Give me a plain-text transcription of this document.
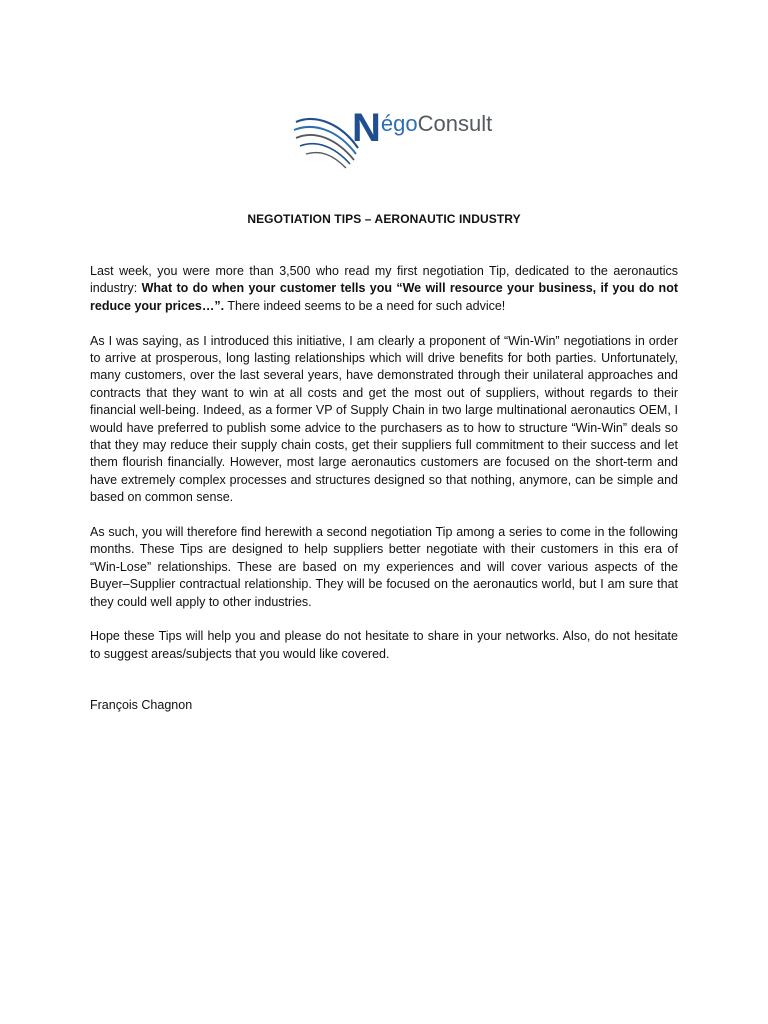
NégoConsult
NEGOTIATION TIPS – AERONAUTIC INDUSTRY

Last week, you were more than 3,500 who read my first negotiation Tip, dedicated to the aeronautics industry: What to do when your customer tells you “We will resource your business, if you do not reduce your prices…”. There indeed seems to be a need for such advice!

As I was saying, as I introduced this initiative, I am clearly a proponent of “Win-Win” negotiations in order to arrive at prosperous, long lasting relationships which will drive benefits for both parties. Unfortunately, many customers, over the last several years, have demonstrated through their unilateral approaches and contracts that they want to win at all costs and get the most out of suppliers, without regards to their financial well-being. Indeed, as a former VP of Supply Chain in two large multinational aeronautics OEM, I would have preferred to publish some advice to the purchasers as to how to structure “Win-Win” deals so that they may reduce their supply chain costs, get their suppliers full commitment to their success and let them flourish financially. However, most large aeronautics customers are focused on the short-term and have extremely complex processes and structures designed so that nothing, anymore, can be simple and based on common sense.

As such, you will therefore find herewith a second negotiation Tip among a series to come in the following months. These Tips are designed to help suppliers better negotiate with their customers in this era of “Win-Lose” relationships. These are based on my experiences and will cover various aspects of the Buyer–Supplier contractual relationship. They will be focused on the aeronautics world, but I am sure that they could well apply to other industries.

Hope these Tips will help you and please do not hesitate to share in your networks. Also, do not hesitate to suggest areas/subjects that you would like covered.

François Chagnon
